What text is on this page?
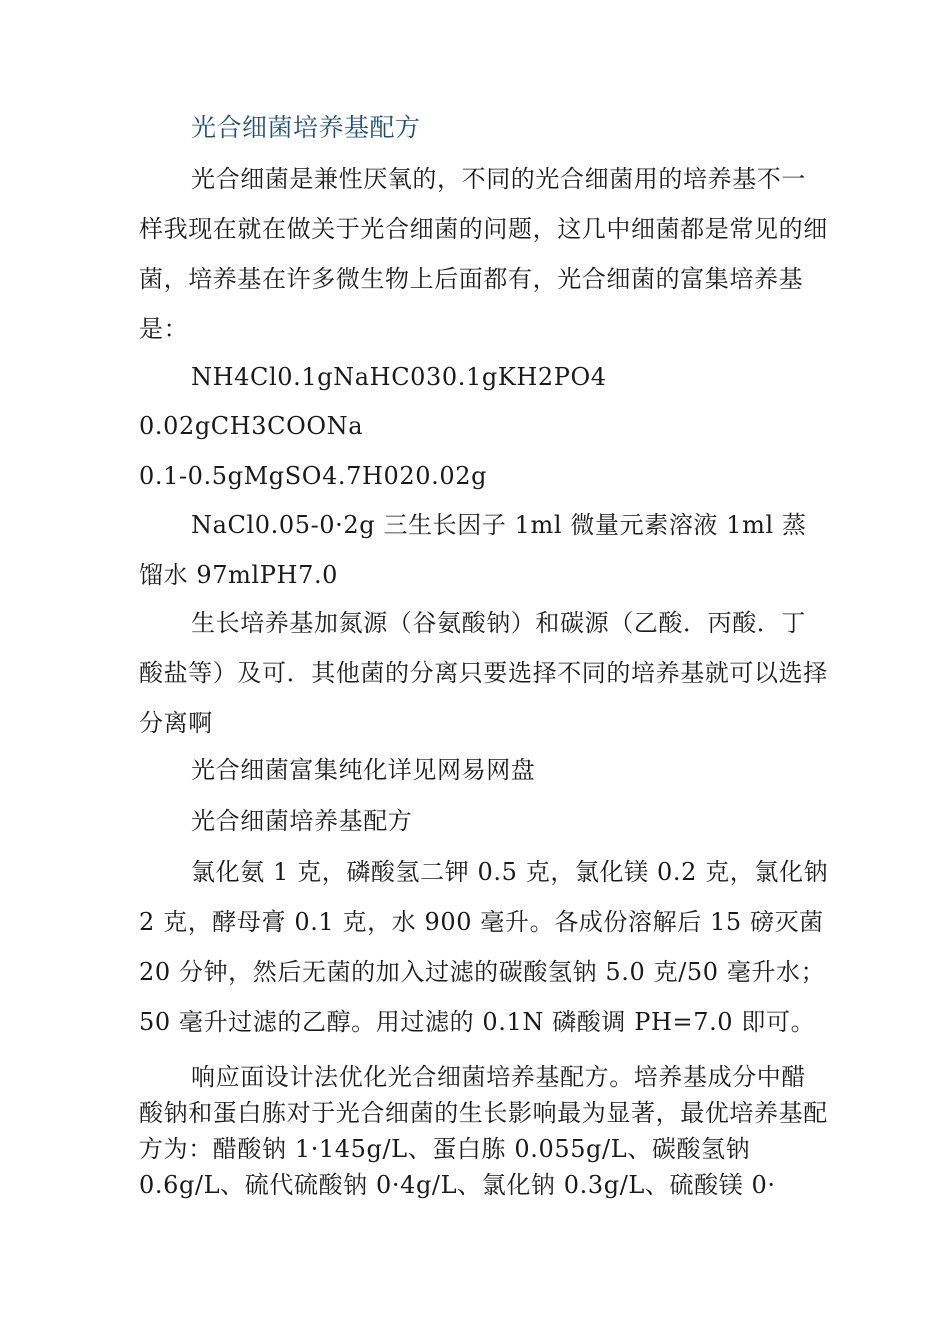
光合细菌培养基配方

光合细菌是兼性厌氧的，不同的光合细菌用的培养基不一样我现在就在做关于光合细菌的问题，这几中细菌都是常见的细菌，培养基在许多微生物上后面都有，光合细菌的富集培养基是：

NH4Cl0.1gNaHC030.1gKH2PO4
0.02gCH3COONa
0.1-0.5gMgSO4.7H020.02g

NaCl0.05-0·2g 三生长因子 1ml 微量元素溶液 1ml 蒸馏水 97mlPH7.0

生长培养基加氮源（谷氨酸钠）和碳源（乙酸．丙酸．丁酸盐等）及可．其他菌的分离只要选择不同的培养基就可以选择分离啊

光合细菌富集纯化详见网易网盘

光合细菌培养基配方

氯化氨 1 克，磷酸氢二钾 0.5 克，氯化镁 0.2 克，氯化钠 2 克，酵母膏 0.1 克，水 900 毫升。各成份溶解后 15 磅灭菌 20 分钟，然后无菌的加入过滤的碳酸氢钠 5.0 克/50 毫升水；50 毫升过滤的乙醇。用过滤的 0.1N 磷酸调 PH=7.0 即可。

响应面设计法优化光合细菌培养基配方。培养基成分中醋酸钠和蛋白胨对于光合细菌的生长影响最为显著，最优培养基配方为：醋酸钠 1·145g/L、蛋白胨 0.055g/L、碳酸氢钠 0.6g/L、硫代硫酸钠 0·4g/L、氯化钠 0.3g/L、硫酸镁 0·
